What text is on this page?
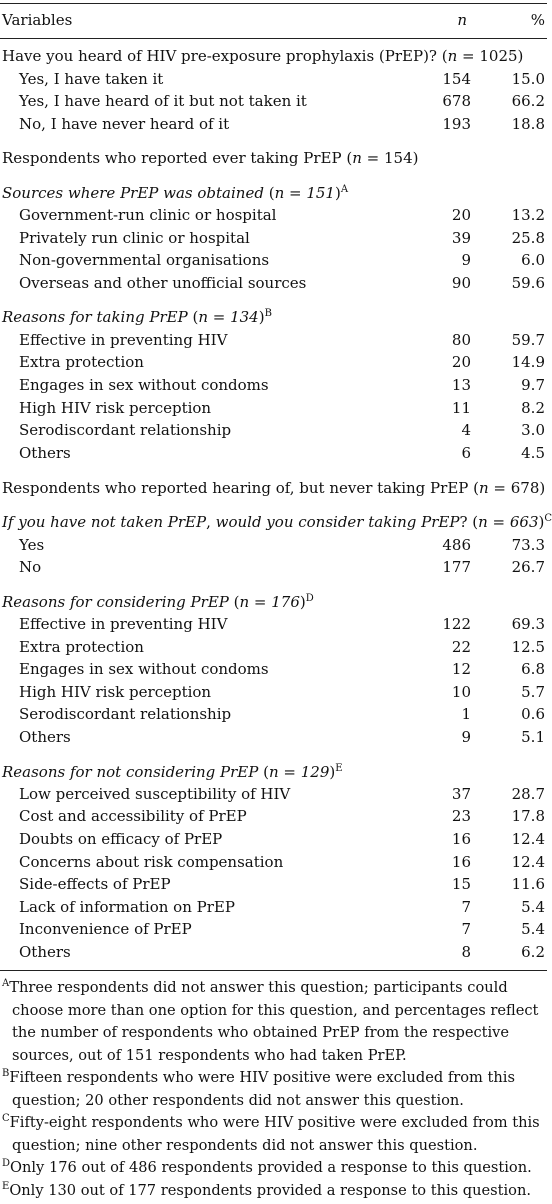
Variables	n	%
Have you heard of HIV pre-exposure prophylaxis (PrEP)? (n = 1025)
Yes, I have taken it	154	15.0
Yes, I have heard of it but not taken it	678	66.2
No, I have never heard of it	193	18.8
Respondents who reported ever taking PrEP (n = 154)
Sources where PrEP was obtained (n = 151)$^A$
Government-run clinic or hospital	20	13.2
Privately run clinic or hospital	39	25.8
Non-governmental organisations	9	6.0
Overseas and other unofficial sources	90	59.6
Reasons for taking PrEP (n = 134)$^B$
Effective in preventing HIV	80	59.7
Extra protection	20	14.9
Engages in sex without condoms	13	9.7
High HIV risk perception	11	8.2
Serodiscordant relationship	4	3.0
Others	6	4.5
Respondents who reported hearing of, but never taking PrEP (n = 678)
If you have not taken PrEP, would you consider taking PrEP? (n = 663)$^C$
Yes	486	73.3
No	177	26.7
Reasons for considering PrEP (n = 176)$^D$
Effective in preventing HIV	122	69.3
Extra protection	22	12.5
Engages in sex without condoms	12	6.8
High HIV risk perception	10	5.7
Serodiscordant relationship	1	0.6
Others	9	5.1
Reasons for not considering PrEP (n = 129)$^E$
Low perceived susceptibility of HIV	37	28.7
Cost and accessibility of PrEP	23	17.8
Doubts on efficacy of PrEP	16	12.4
Concerns about risk compensation	16	12.4
Side-effects of PrEP	15	11.6
Lack of information on PrEP	7	5.4
Inconvenience of PrEP	7	5.4
Others	8	6.2
$^A$Three respondents did not answer this question; participants could choose more than one option for this question, and percentages reflect the number of respondents who obtained PrEP from the respective sources, out of 151 respondents who had taken PrEP.
$^B$Fifteen respondents who were HIV positive were excluded from this question; 20 other respondents did not answer this question.
$^C$Fifty-eight respondents who were HIV positive were excluded from this question; nine other respondents did not answer this question.
$^D$Only 176 out of 486 respondents provided a response to this question.
$^E$Only 130 out of 177 respondents provided a response to this question.
